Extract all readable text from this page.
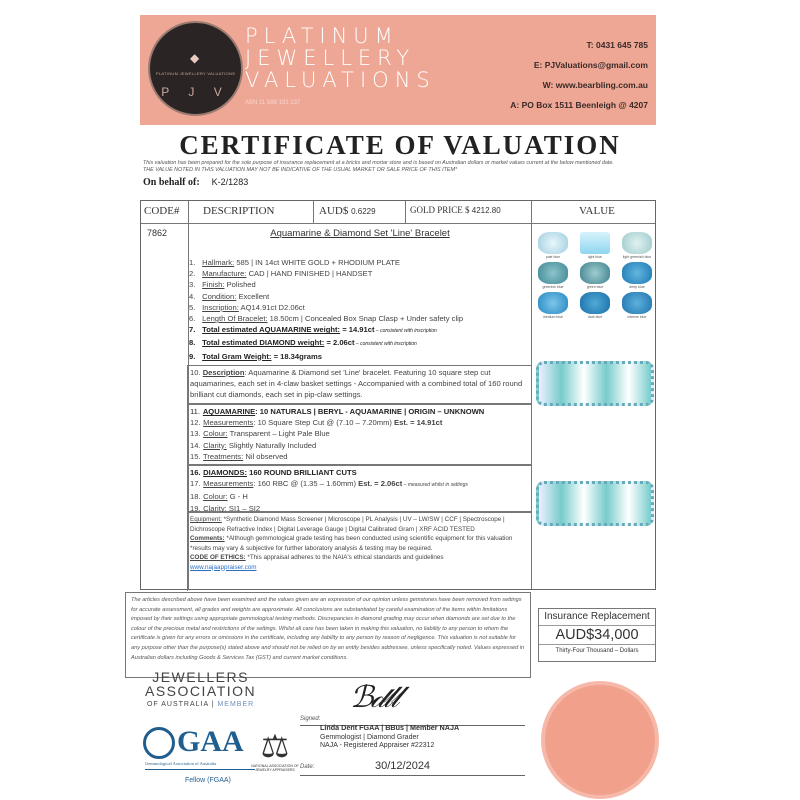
◆
PLATINUM JEWELLERY VALUATIONS
P J V
PLATINUM
JEWELLERY
VALUATIONS
ABN 11 588 192 137
T: 0431 645 785
E: PJValuations@gmail.com
W: www.bearbling.com.au
A: PO Box 1511 Beenleigh @ 4207
CERTIFICATE OF VALUATION
This valuation has been prepared for the sole purpose of insurance replacement at a bricks and mortar store and is based on Australian dollars or market values current at the below mentioned date.
THE VALUE NOTED IN THIS VALUATION MAY NOT BE INDICATIVE OF THE USUAL MARKET OR SALE PRICE OF THIS ITEM*
On behalf of: K-2/1283
CODE# DESCRIPTION	AUD$ 0.6229	GOLD PRICE $ 4212.80	VALUE
7862	Aquamarine & Diamond Set 'Line' Bracelet
1. Hallmark: 585 | IN 14ct WHITE GOLD + RHODIUM PLATE
2. Manufacture: CAD | HAND FINISHED | HANDSET
3. Finish: Polished
4. Condition: Excellent
5. Inscription: AQ14.91ct D2.06ct
6. Length Of Bracelet: 18.50cm | Concealed Box Snap Clasp + Under safety clip
7. Total estimated AQUAMARINE weight: = 14.91ct – consistent with inscription
8. Total estimated DIAMOND weight: = 2.06ct – consistent with inscription
9. Total Gram Weight: = 18.34grams
10. Description: Aquamarine & Diamond set 'Line' bracelet. Featuring 10 square step cut aquamarines, each set in 4-claw basket settings - Accompanied with a combined total of 160 round brilliant cut diamonds, each set in pip-claw settings.
11. AQUAMARINE: 10 NATURALS | BERYL - AQUAMARINE | ORIGIN – UNKNOWN
12. Measurements: 10 Square Step Cut @ (7.10 – 7.20mm) Est. = 14.91ct
13. Colour: Transparent – Light Pale Blue
14. Clarity: Slightly Naturally Included
15. Treatments: Nil observed
16. DIAMONDS: 160 ROUND BRILLIANT CUTS
17. Measurements: 160 RBC @ (1.35 – 1.60mm) Est. = 2.06ct – measured whilst in settings
18. Colour: G - H
19. Clarity: SI1 – SI2
Equipment: *Synthetic Diamond Mass Screener | Microscope | PL Analysis | UV – LW/SW | CCF | Spectroscope | Dichroscope Refractive Index | Digital Leverage Gauge | Digital Calibrated Gram | XRF ACID TESTED
Comments: *Although gemmological grade testing has been conducted using scientific equipment for this valuation *results may vary & subjective for further laboratory analysis & testing may be required.
CODE OF ETHICS: *This appraisal adheres to the NAIA's ethical standards and guidelines
www.najaappraiser.com
pale blue	light blue	light greenish blue
greenish blue	green blue	deep blue
medium blue	dark blue	intense blue
The articles described above have been examined and the values given are an expression of our opinion unless gemstones have been removed from settings for accurate assessment, all grades and weights are approximate. All conclusions are substantiated by careful examination of the items within limitations imposed by their settings using appropriate gemmological testing methods. Discrepancies in diamond grading may occur when diamonds are set due to the colour of the precious metal and restrictions of the settings. Whilst all care has been taken in making this valuation, no liability to any person to whom the certificate is given for any errors or omissions in the certificate, including any liability to any person by reason of negligence. This valuation is not suitable for any purpose other than the purpose(s) stated above and should not be relied on by an entity besides addressee, unless specifically noted. Values expressed in Australian dollars including Goods & Services Tax (GST) and current market conditions.
Insurance Replacement
AUD$34,000
Thirty-Four Thousand – Dollars
JEWELLERS
ASSOCIATION
OF AUSTRALIA | MEMBER
GAA
Gemmological Association of Australia
Fellow (FGAA)
⚖
NATIONAL ASSOCIATION OF JEWELRY APPRAISERS
ℬ𝒹𝓁𝓁
Signed:
Linda Dent FGAA | BBus | Member NAJA
Gemmologist | Diamond Grader
NAJA - Registered Appraiser #22312
30/12/2024
Date:
